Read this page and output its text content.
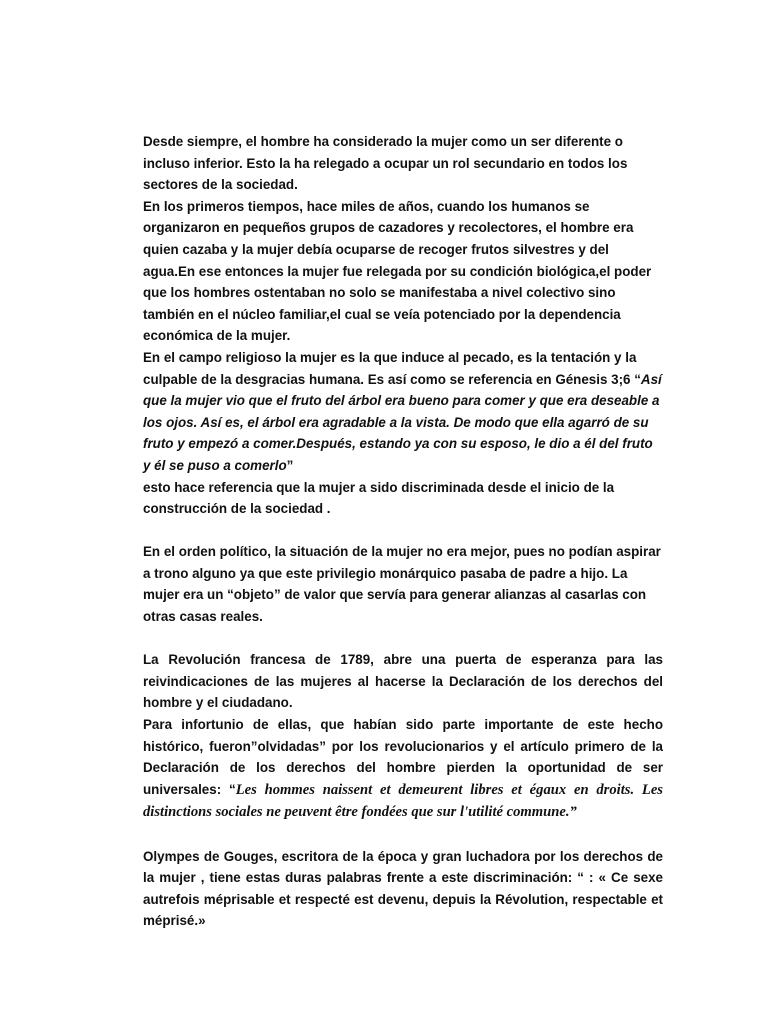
Desde siempre, el hombre ha considerado la mujer como un ser diferente o incluso inferior. Esto la ha relegado a ocupar un rol secundario en todos los sectores de la sociedad.

En los primeros tiempos, hace miles de años, cuando los humanos se organizaron en pequeños grupos de cazadores y recolectores, el hombre era quien cazaba y la mujer debía ocuparse de recoger frutos silvestres y del agua.En ese entonces la mujer fue relegada por su condición biológica,el poder que los hombres ostentaban no solo se manifestaba a nivel colectivo sino también en el núcleo familiar,el cual se veía potenciado por la dependencia económica de la mujer.

En el campo religioso la mujer es la que induce al pecado, es la tentación y la culpable de la desgracias humana. Es así como se referencia en Génesis 3;6 “Así que la mujer vio que el fruto del árbol era bueno para comer y que era deseable a los ojos. Así es, el árbol era agradable a la vista. De modo que ella agarró de su fruto y empezó a comer.Después, estando ya con su esposo, le dio a él del fruto y él se puso a comerlo”

esto hace referencia que la mujer a sido discriminada desde el inicio de la construcción de la sociedad .

En el orden político, la situación de la mujer no era mejor, pues no podían aspirar a trono alguno ya que este privilegio monárquico pasaba de padre a hijo. La mujer era un “objeto” de valor que servía para generar alianzas al casarlas con otras casas reales.

La Revolución francesa de 1789, abre una puerta de esperanza para las reivindicaciones de las mujeres al hacerse la Declaración de los derechos del hombre y el ciudadano.

Para infortunio de ellas, que habían sido parte importante de este hecho histórico, fueron”olvidadas” por los revolucionarios y el artículo primero de la Declaración de los derechos del hombre pierden la oportunidad de ser universales: “Les hommes naissent et demeurent libres et égaux en droits. Les distinctions sociales ne peuvent être fondées que sur l'utilité commune.”

Olympes de Gouges, escritora de la época y gran luchadora por los derechos de la mujer , tiene estas duras palabras frente a este discriminación: “ : « Ce sexe autrefois méprisable et respecté est devenu, depuis la Révolution, respectable et méprisé.»
